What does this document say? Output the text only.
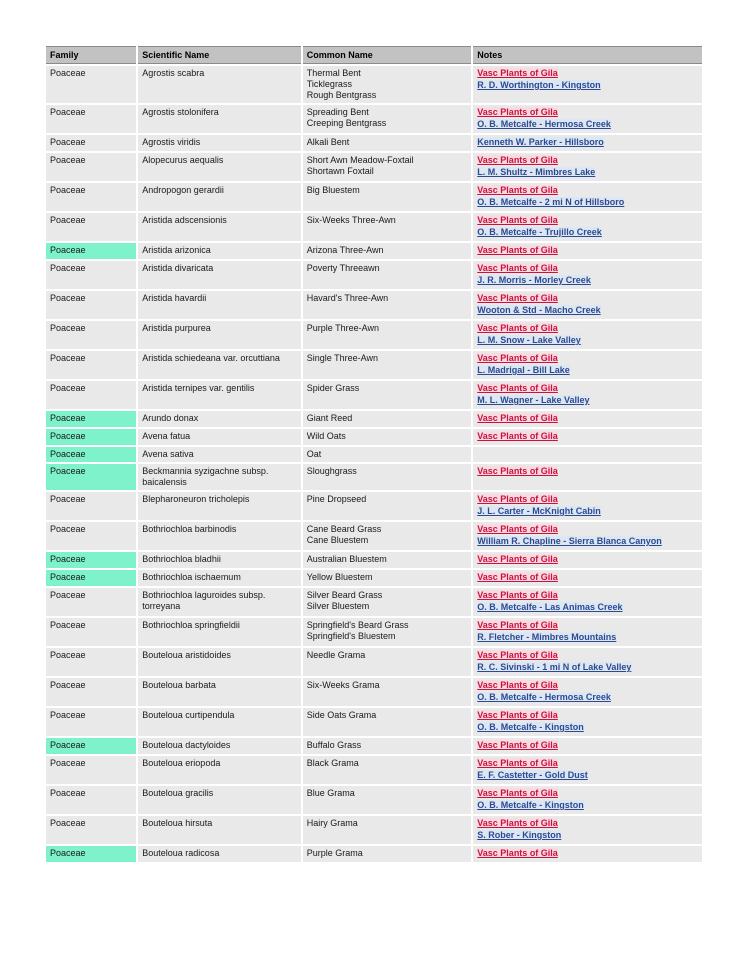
Family	Scientific Name	Common Name	Notes
Poaceae	Agrostis scabra	Thermal Bent
Ticklegrass
Rough Bentgrass	Vasc Plants of Gila
R. D. Worthington - Kingston

Poaceae	Agrostis stolonifera	Spreading Bent
Creeping Bentgrass	Vasc Plants of Gila
O. B. Metcalfe - Hermosa Creek

Poaceae	Agrostis viridis	Alkali Bent	Kenneth W. Parker - Hillsboro

Poaceae	Alopecurus aequalis	Short Awn Meadow-Foxtail
Shortawn Foxtail	Vasc Plants of Gila
L. M. Shultz - Mimbres Lake

Poaceae	Andropogon gerardii	Big Bluestem	Vasc Plants of Gila
O. B. Metcalfe - 2 mi N of Hillsboro

Poaceae	Aristida adscensionis	Six-Weeks Three-Awn	Vasc Plants of Gila
O. B. Metcalfe - Trujillo Creek

Poaceae	Aristida arizonica	Arizona Three-Awn	Vasc Plants of Gila

Poaceae	Aristida divaricata	Poverty Threeawn	Vasc Plants of Gila
J. R. Morris - Morley Creek

Poaceae	Aristida havardii	Havard's Three-Awn	Vasc Plants of Gila
Wooton & Std - Macho Creek

Poaceae	Aristida purpurea	Purple Three-Awn	Vasc Plants of Gila
L. M. Snow - Lake Valley

Poaceae	Aristida schiedeana var. orcuttiana	Single Three-Awn	Vasc Plants of Gila
L. Madrigal - Bill Lake

Poaceae	Aristida ternipes var. gentilis	Spider Grass	Vasc Plants of Gila
M. L. Wagner - Lake Valley

Poaceae	Arundo donax	Giant Reed	Vasc Plants of Gila

Poaceae	Avena fatua	Wild Oats	Vasc Plants of Gila

Poaceae	Avena sativa	Oat	

Poaceae	Beckmannia syzigachne subsp. baicalensis	Sloughgrass	Vasc Plants of Gila

Poaceae	Blepharoneuron tricholepis	Pine Dropseed	Vasc Plants of Gila
J. L. Carter - McKnight Cabin

Poaceae	Bothriochloa barbinodis	Cane Beard Grass
Cane Bluestem	Vasc Plants of Gila
William R. Chapline - Sierra Blanca Canyon

Poaceae	Bothriochloa bladhii	Australian Bluestem	Vasc Plants of Gila

Poaceae	Bothriochloa ischaemum	Yellow Bluestem	Vasc Plants of Gila

Poaceae	Bothriochloa laguroides subsp. torreyana	Silver Beard Grass
Silver Bluestem	Vasc Plants of Gila
O. B. Metcalfe - Las Animas Creek

Poaceae	Bothriochloa springfieldii	Springfield's Beard Grass
Springfield's Bluestem	Vasc Plants of Gila
R. Fletcher - Mimbres Mountains

Poaceae	Bouteloua aristidoides	Needle Grama	Vasc Plants of Gila
R. C. Sivinski - 1 mi N of Lake Valley

Poaceae	Bouteloua barbata	Six-Weeks Grama	Vasc Plants of Gila
O. B. Metcalfe - Hermosa Creek

Poaceae	Bouteloua curtipendula	Side Oats Grama	Vasc Plants of Gila
O. B. Metcalfe - Kingston

Poaceae	Bouteloua dactyloides	Buffalo Grass	Vasc Plants of Gila

Poaceae	Bouteloua eriopoda	Black Grama	Vasc Plants of Gila
E. F. Castetter - Gold Dust

Poaceae	Bouteloua gracilis	Blue Grama	Vasc Plants of Gila
O. B. Metcalfe - Kingston

Poaceae	Bouteloua hirsuta	Hairy Grama	Vasc Plants of Gila
S. Rober - Kingston

Poaceae	Bouteloua radicosa	Purple Grama	Vasc Plants of Gila
